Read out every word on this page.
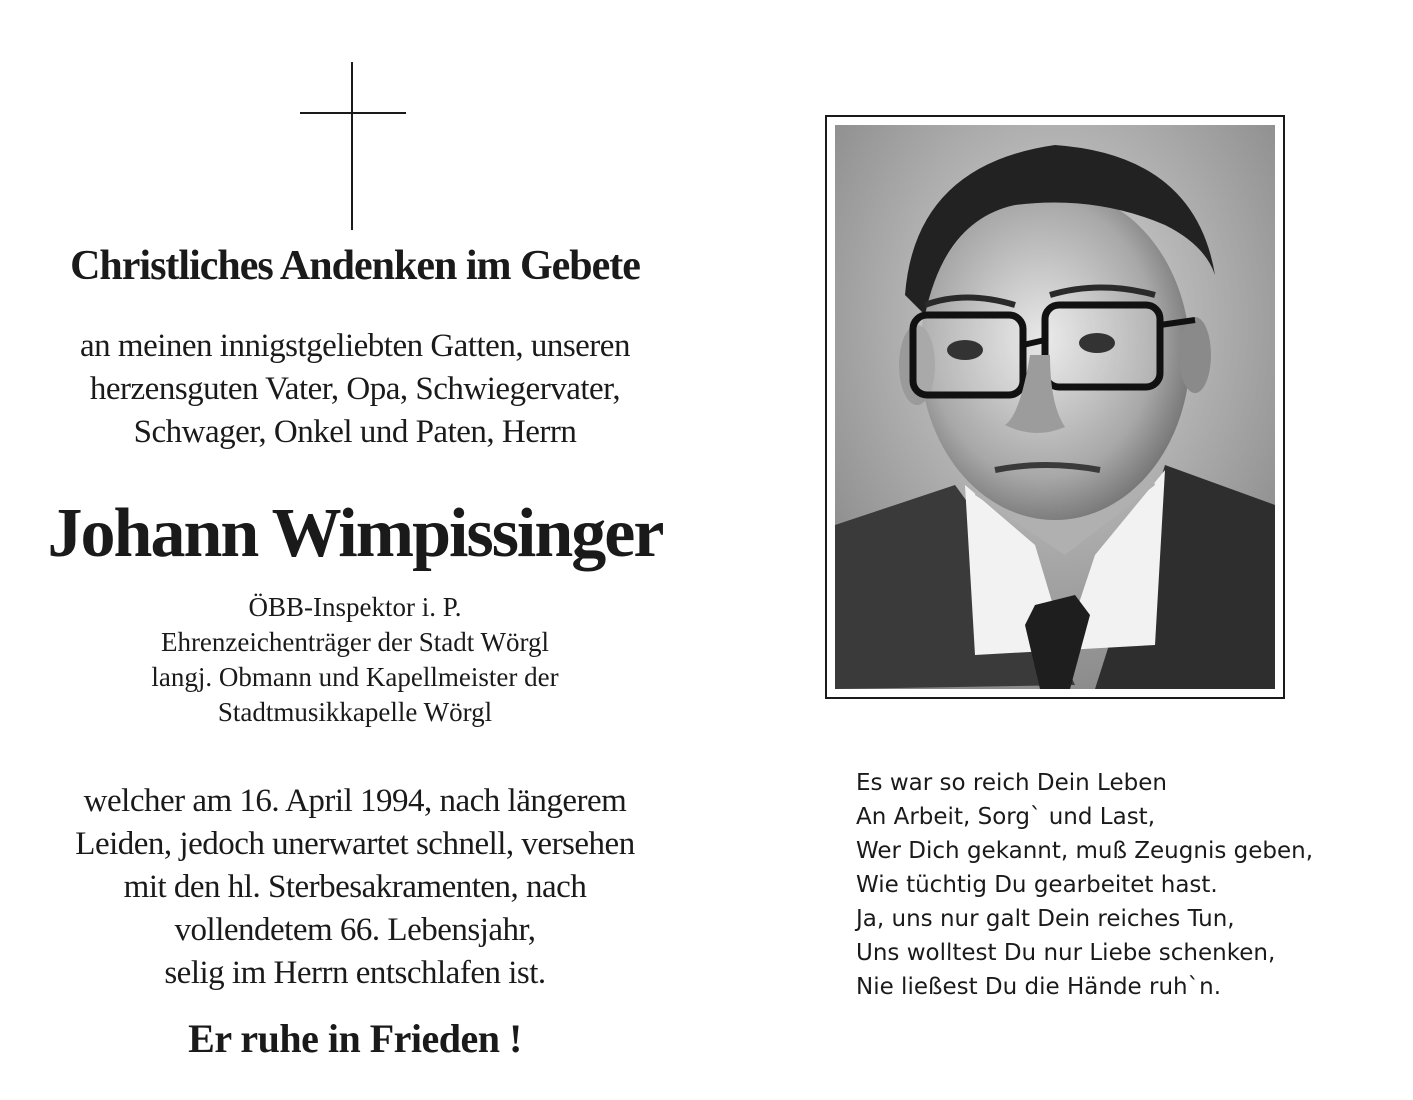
Christliches Andenken im Gebete
an meinen innigstgeliebten Gatten, unseren
herzensguten Vater, Opa, Schwiegervater,
Schwager, Onkel und Paten, Herrn
Johann Wimpissinger
ÖBB-Inspektor i. P.
Ehrenzeichenträger der Stadt Wörgl
langj. Obmann und Kapellmeister der
Stadtmusikkapelle Wörgl
welcher am 16. April 1994, nach längerem
Leiden, jedoch unerwartet schnell, versehen
mit den hl. Sterbesakramenten, nach
vollendetem 66. Lebensjahr,
selig im Herrn entschlafen ist.
Er ruhe in Frieden !
Es war so reich Dein Leben
An Arbeit, Sorg` und Last,
Wer Dich gekannt, muß Zeugnis geben,
Wie tüchtig Du gearbeitet hast.
Ja, uns nur galt Dein reiches Tun,
Uns wolltest Du nur Liebe schenken,
Nie ließest Du die Hände ruh`n.
